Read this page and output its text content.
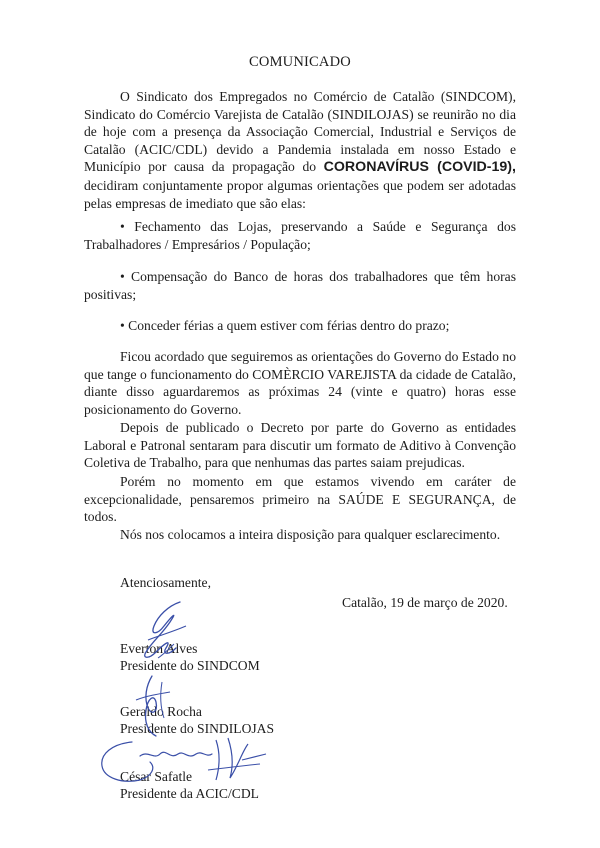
COMUNICADO

O Sindicato dos Empregados no Comércio de Catalão (SINDCOM), Sindicato do Comércio Varejista de Catalão (SINDILOJAS) se reunirão no dia de hoje com a presença da Associação Comercial, Industrial e Serviços de Catalão (ACIC/CDL) devido a Pandemia instalada em nosso Estado e Município por causa da propagação do CORONAVÍRUS (COVID-19), decidiram conjuntamente propor algumas orientações que podem ser adotadas pelas empresas de imediato que são elas:

• Fechamento das Lojas, preservando a Saúde e Segurança dos Trabalhadores / Empresários / População;

• Compensação do Banco de horas dos trabalhadores que têm horas positivas;

• Conceder férias a quem estiver com férias dentro do prazo;

Ficou acordado que seguiremos as orientações do Governo do Estado no que tange o funcionamento do COMÈRCIO VAREJISTA da cidade de Catalão, diante disso aguardaremos as próximas 24 (vinte e quatro) horas esse posicionamento do Governo.

Depois de publicado o Decreto por parte do Governo as entidades Laboral e Patronal sentaram para discutir um formato de Aditivo à Convenção Coletiva de Trabalho, para que nenhumas das partes saiam prejudicas.

Porém no momento em que estamos vivendo em caráter de excepcionalidade, pensaremos primeiro na SAÚDE E SEGURANÇA, de todos.

Nós nos colocamos a inteira disposição para qualquer esclarecimento.

Atenciosamente,
Catalão, 19 de março de 2020.
Everton Alves
Presidente do SINDCOM
Geraldo Rocha
Presidente do SINDILOJAS
César Safatle
Presidente da ACIC/CDL
